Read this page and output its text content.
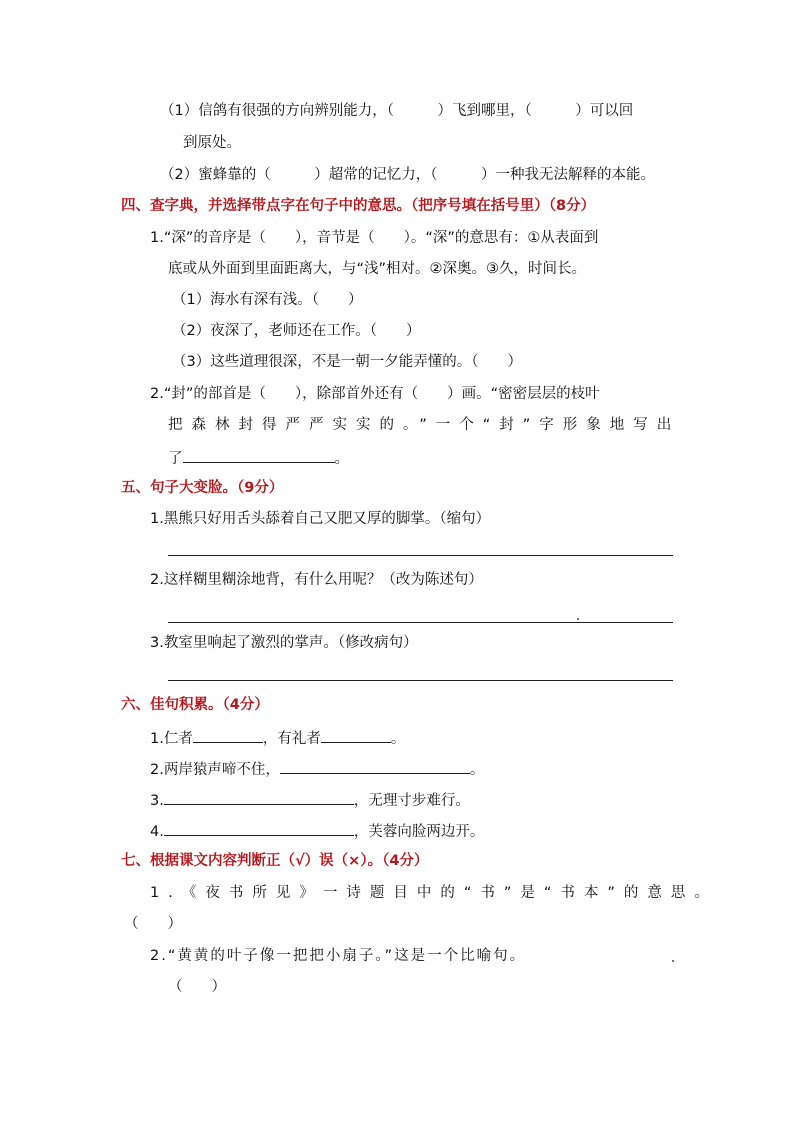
（1）信鸽有很强的方向辨别能力，（　　　）飞到哪里，（　　　）可以回
到原处。
（2）蜜蜂靠的（　　　）超常的记忆力，（　　　）一种我无法解释的本能。
四、查字典，并选择带点字在句子中的意思。（把序号填在括号里）（8分）
1.“深”的音序是（　　），音节是（　　）。“深”的意思有：①从表面到
底或从外面到里面距离大，与“浅”相对。②深奥。③久，时间长。
（1）海水有深有浅。（　　）
（2）夜深了，老师还在工作。（　　）
（3）这些道理很深，不是一朝一夕能弄懂的。（　　）
2.“封”的部首是（　　），除部首外还有（　　）画。“密密层层的枝叶
把森林封得严严实实的。”一个“封”字形象地写出
了	。
五、句子大变脸。（9分）
1.黑熊只好用舌头舔着自己又肥又厚的脚掌。（缩句）
2.这样糊里糊涂地背，有什么用呢？（改为陈述句）
3.教室里响起了激烈的掌声。（修改病句）
六、佳句积累。（4分）
1.仁者	，有礼者	。
2.两岸猿声啼不住，	。
3.	，无理寸步难行。
4.	，芙蓉向脸两边开。
七、根据课文内容判断正（√）误（×）。（4分）
1.《夜书所见》一诗题目中的“书”是“书本”的意思。
（　　）
2.“黄黄的叶子像一把把小扇子。”这是一个比喻句。
（　　）
